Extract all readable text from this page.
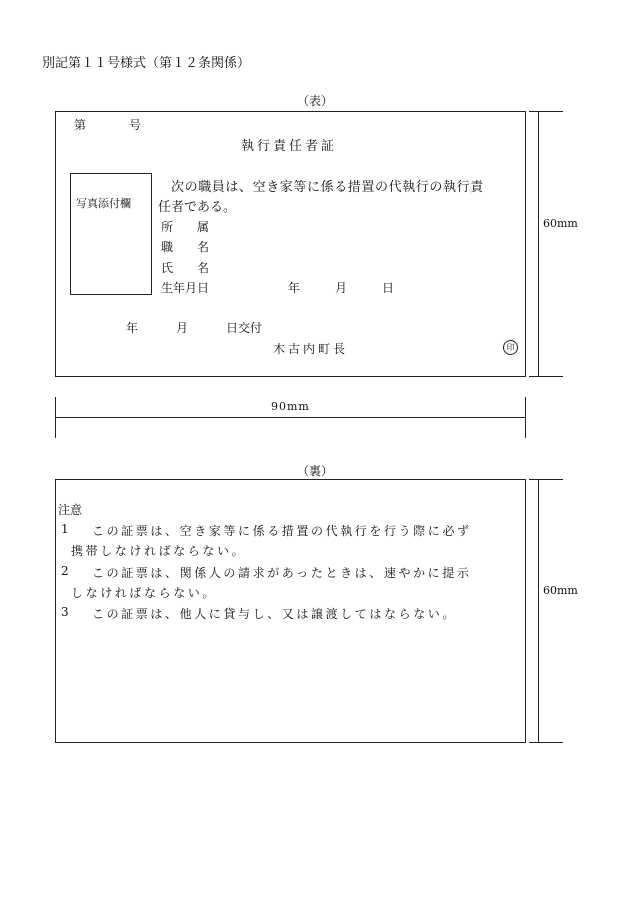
別記第１１号様式（第１２条関係）
（表）
第	号
執行責任者証
写真添付欄
次の職員は、空き家等に係る措置の代執行の執行責
任者である。
所　　属
職　　名
氏　　名
生年月日	年	月	日
年	月	日交付
木古内町長	印
60mm
90mm
（裏）
注意
1 この証票は、空き家等に係る措置の代執行を行う際に必ず
携帯しなければならない。
2 この証票は、関係人の請求があったときは、速やかに提示
しなければならない。
3 この証票は、他人に貸与し、又は譲渡してはならない。
60mm
